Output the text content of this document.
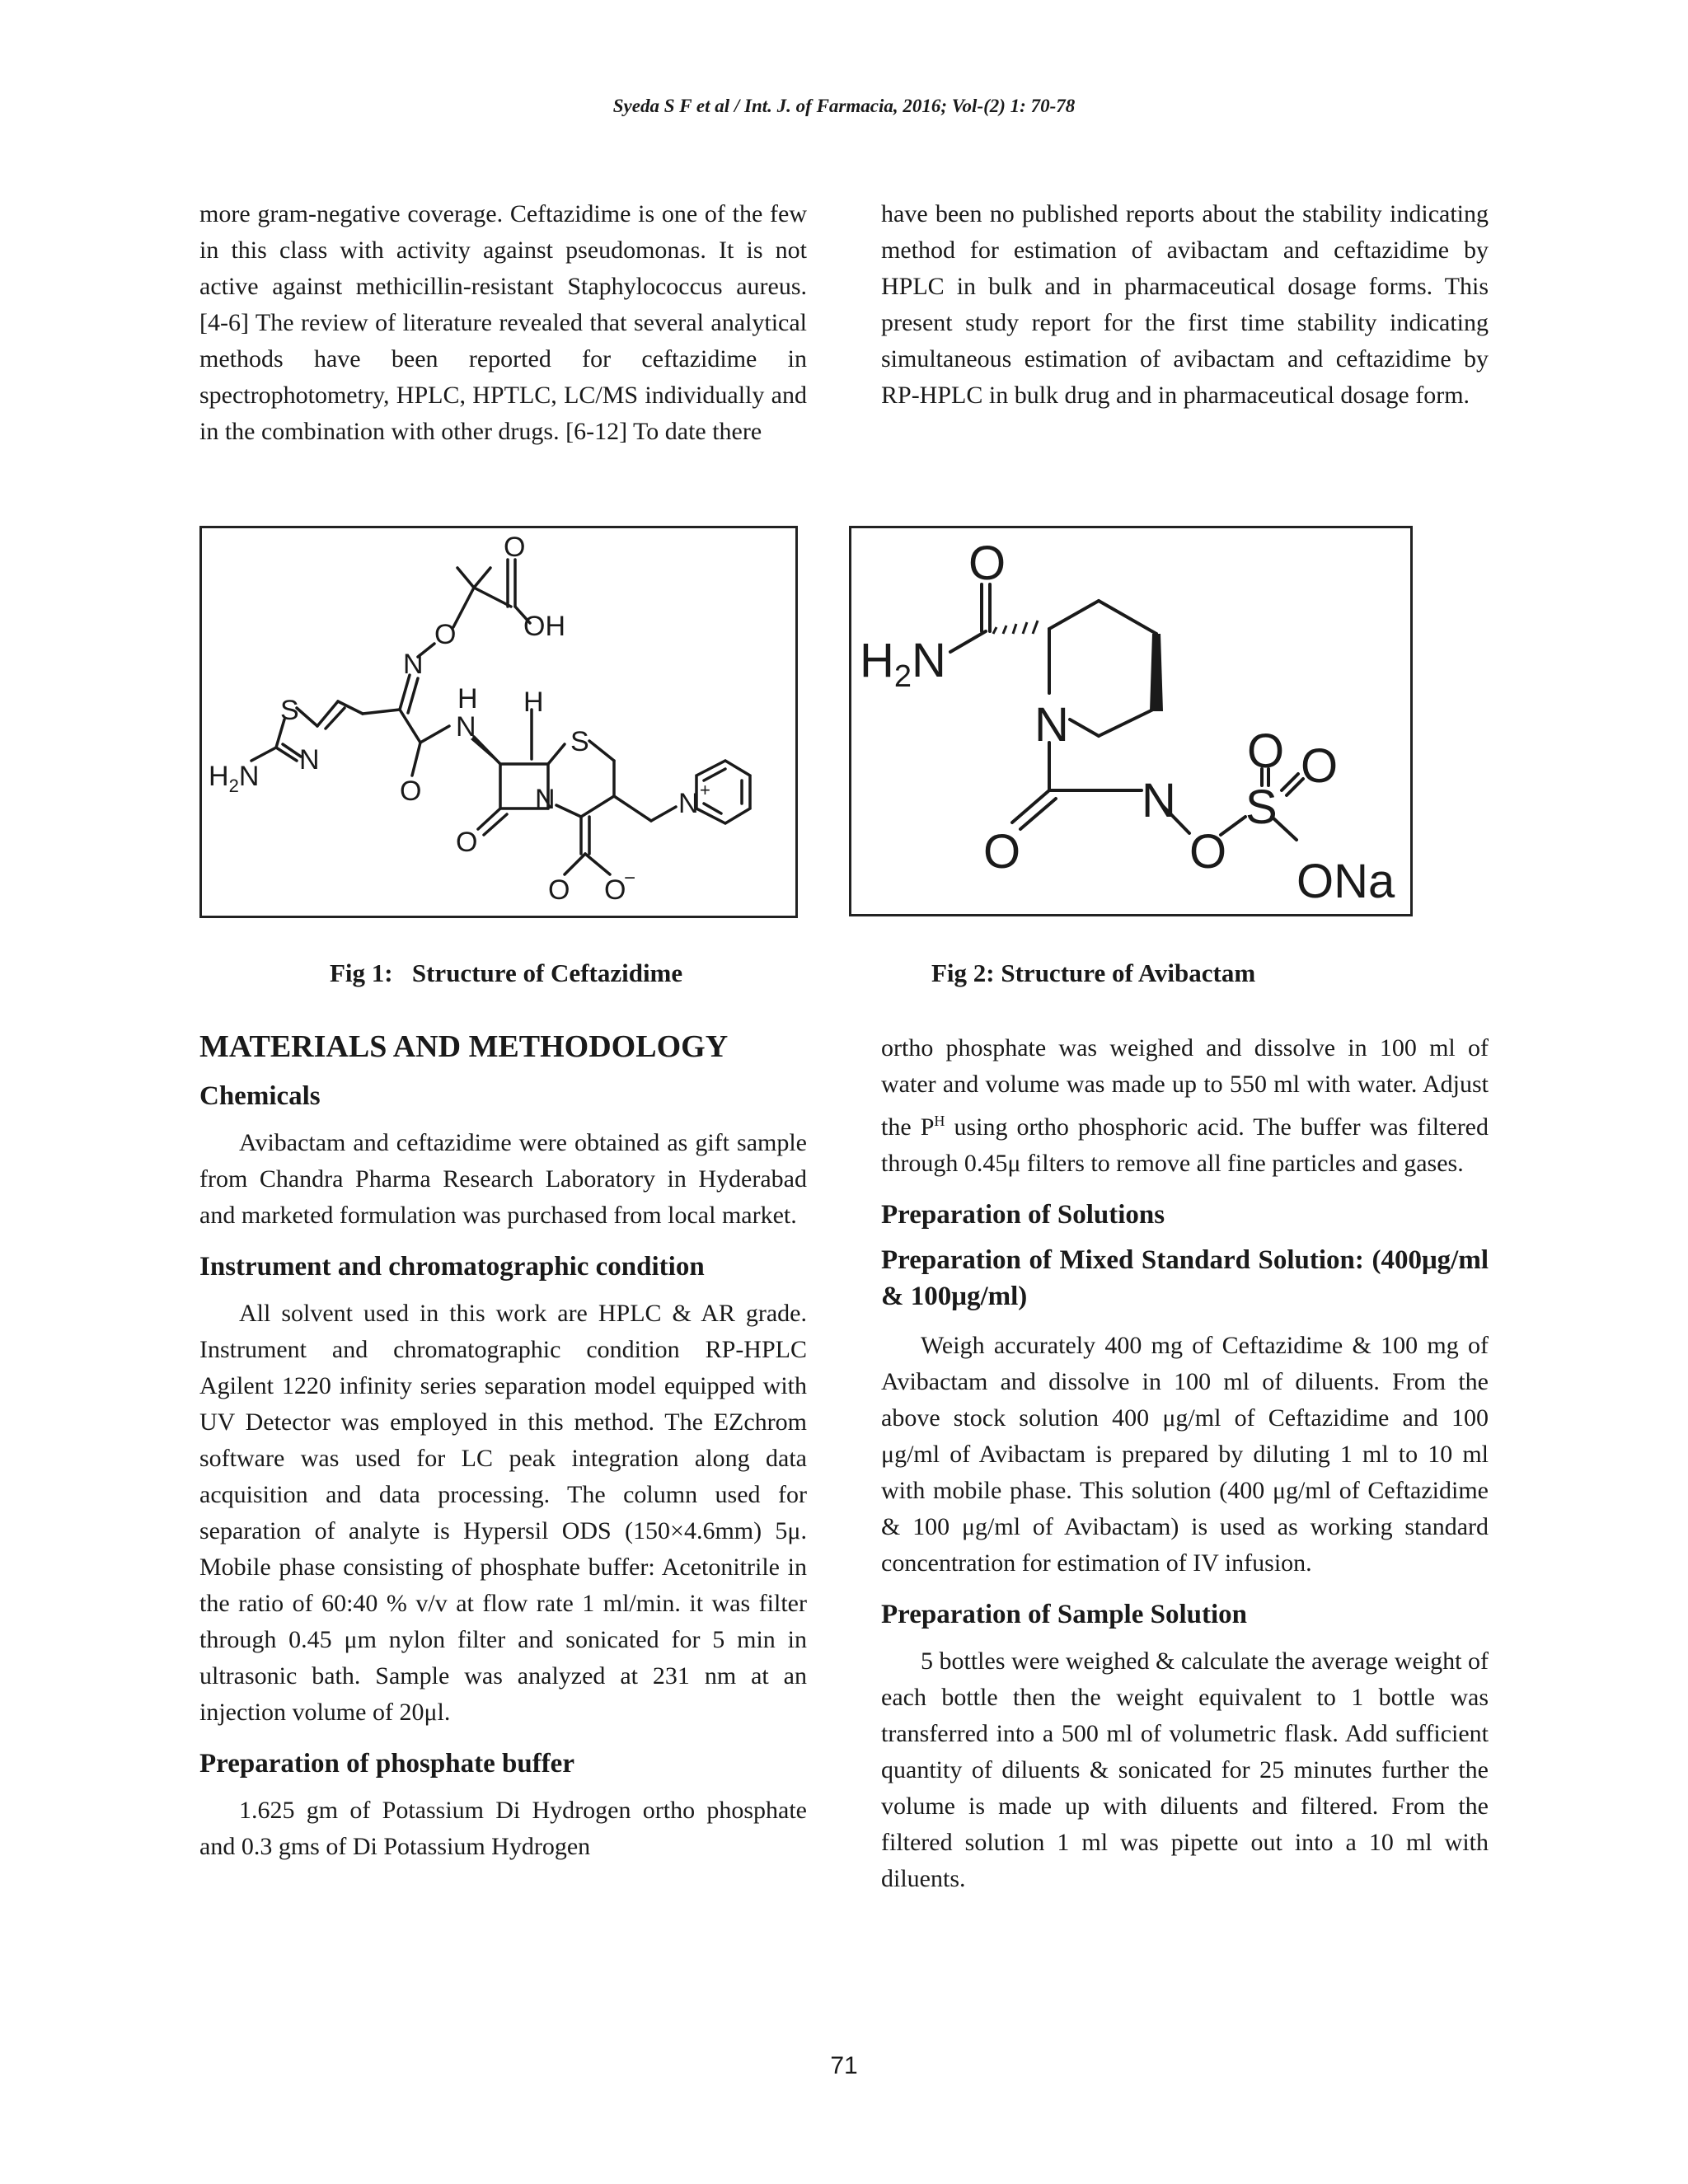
Syeda S F et al / Int. J. of Farmacia, 2016; Vol-(2) 1: 70-78

more gram-negative coverage. Ceftazidime is one of the few in this class with activity against pseudomonas. It is not active against methicillin-resistant Staphylococcus aureus. [4-6] The review of literature revealed that several analytical methods have been reported for ceftazidime in spectrophotometry, HPLC, HPTLC, LC/MS individually and in the combination with other drugs. [6-12] To date there

have been no published reports about the stability indicating method for estimation of avibactam and ceftazidime by HPLC in bulk and in pharmaceutical dosage forms. This present study report for the first time stability indicating simultaneous estimation of avibactam and ceftazidime by RP-HPLC in bulk drug and in pharmaceutical dosage form.

O
OH
N
O
H
N
H
S
N
S
$H_2N$	O	N	N +
O
O O
−
Fig 1:   Structure of Ceftazidime
O
$H_2N$
N
N
O	O
S
O O
ONa
Fig 2: Structure of Avibactam

MATERIALS AND METHODOLOGY

Chemicals

Avibactam and ceftazidime were obtained as gift sample from Chandra Pharma Research Laboratory in Hyderabad and marketed formulation was purchased from local market.

Instrument and chromatographic condition

All solvent used in this work are HPLC & AR grade. Instrument and chromatographic condition RP-HPLC Agilent 1220 infinity series separation model equipped with UV Detector was employed in this method. The EZchrom software was used for LC peak integration along data acquisition and data processing. The column used for separation of analyte is Hypersil ODS (150×4.6mm) 5μ. Mobile phase consisting of phosphate buffer: Acetonitrile in the ratio of 60:40 % v/v at flow rate 1 ml/min. it was filter through 0.45 μm nylon filter and sonicated for 5 min in ultrasonic bath. Sample was analyzed at 231 nm at an injection volume of 20μl.

Preparation of phosphate buffer

1.625 gm of Potassium Di Hydrogen ortho phosphate and 0.3 gms of Di Potassium Hydrogen

ortho phosphate was weighed and dissolve in 100 ml of water and volume was made up to 550 ml with water. Adjust the $P^H$ using ortho phosphoric acid. The buffer was filtered through 0.45μ filters to remove all fine particles and gases.

Preparation of Solutions

Preparation of Mixed Standard Solution: (400μg/ml & 100μg/ml)

Weigh accurately 400 mg of Ceftazidime & 100 mg of Avibactam and dissolve in 100 ml of diluents. From the above stock solution 400 μg/ml of Ceftazidime and 100 μg/ml of Avibactam is prepared by diluting 1 ml to 10 ml with mobile phase. This solution (400 μg/ml of Ceftazidime & 100 μg/ml of Avibactam) is used as working standard concentration for estimation of IV infusion.

Preparation of Sample Solution

5 bottles were weighed & calculate the average weight of each bottle then the weight equivalent to 1 bottle was transferred into a 500 ml of volumetric flask. Add sufficient quantity of diluents & sonicated for 25 minutes further the volume is made up with diluents and filtered. From the filtered solution 1 ml was pipette out into a 10 ml with diluents.

71
